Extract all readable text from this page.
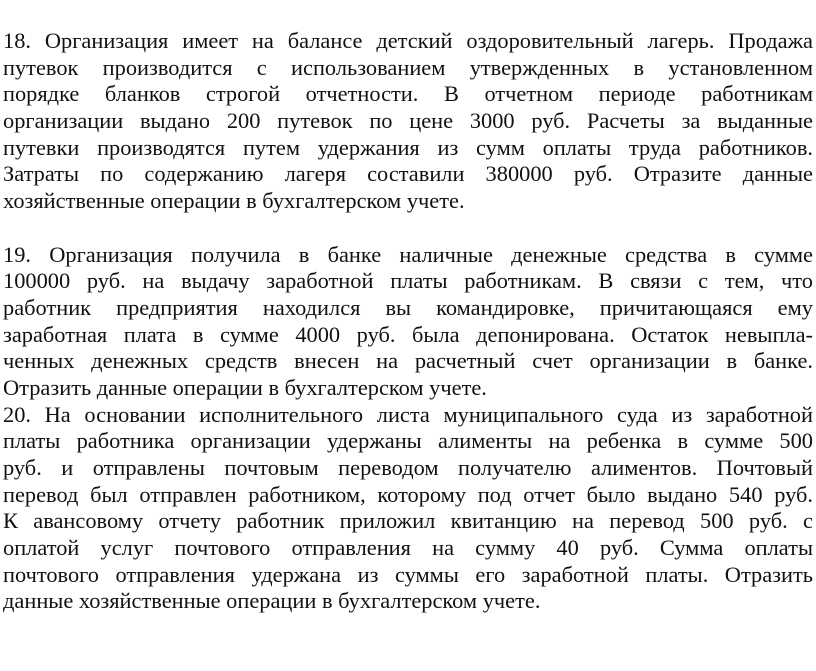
18. Организация имеет на балансе детский оздоровительный лагерь. Продажа
путевок производится с использованием утвержденных в установленном
порядке бланков строгой отчетности. В отчетном периоде работникам
организации выдано 200 путевок по цене 3000 руб. Расчеты за выданные
путевки производятся путем удержания из сумм оплаты труда работников.
Затраты по содержанию лагеря составили 380000 руб. Отразите данные
хозяйственные операции в бухгалтерском учете.
19. Организация получила в банке наличные денежные средства в сумме
100000 руб. на выдачу заработной платы работникам. В связи с тем, что
работник предприятия находился вы командировке, причитающаяся ему
заработная плата в сумме 4000 руб. была депонирована. Остаток невыпла-
ченных денежных средств внесен на расчетный счет организации в банке.
Отразить данные операции в бухгалтерском учете.
20. На основании исполнительного листа муниципального суда из заработной
платы работника организации удержаны алименты на ребенка в сумме 500
руб. и отправлены почтовым переводом получателю алиментов. Почтовый
перевод был отправлен работником, которому под отчет было выдано 540 руб.
К авансовому отчету работник приложил квитанцию на перевод 500 руб. с
оплатой услуг почтового отправления на сумму 40 руб. Сумма оплаты
почтового отправления удержана из суммы его заработной платы. Отразить
данные хозяйственные операции в бухгалтерском учете.
